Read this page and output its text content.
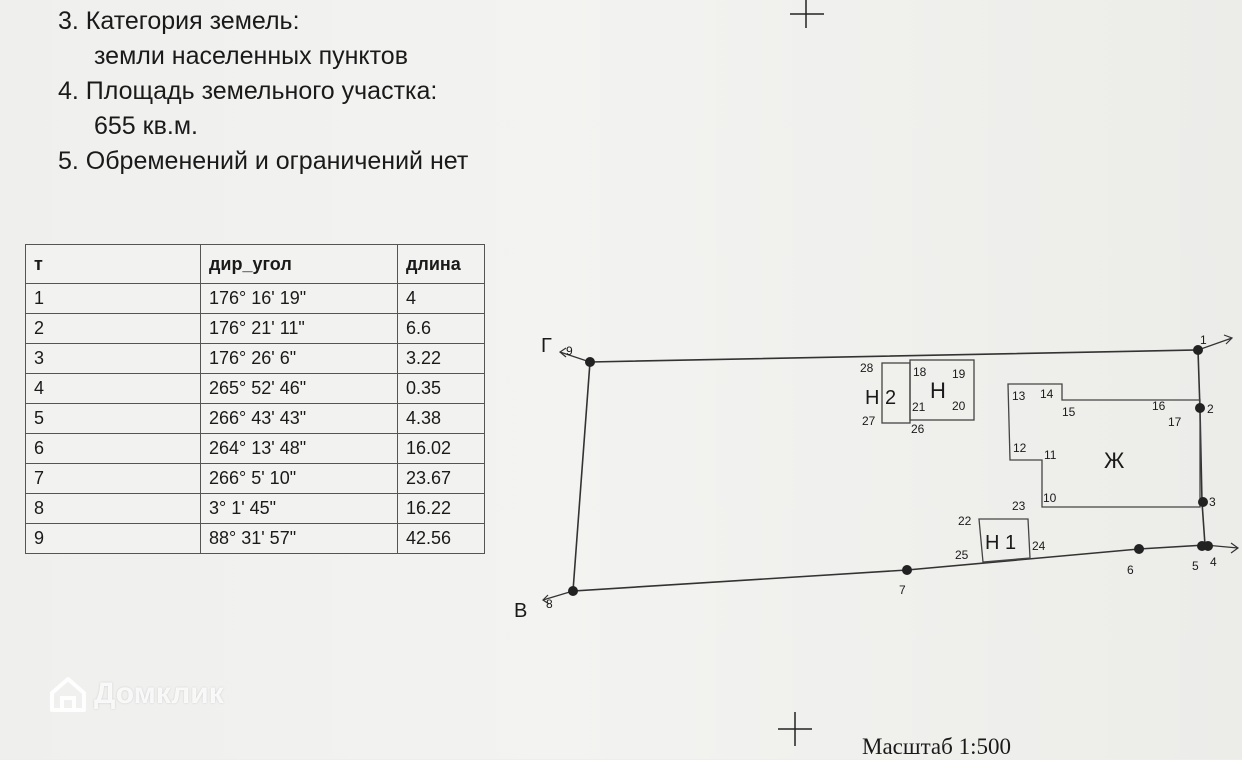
3. Категория земель:
земли населенных пунктов
4. Площадь земельного участка:
655 кв.м.
5. Обременений и ограничений нет
т	дир_угол	длина
1	176° 16' 19"	4
2	176° 21' 11"	6.6
3	176° 26' 6"	3.22
4	265° 52' 46"	0.35
5	266° 43' 43"	4.38
6	264° 13' 48"	16.02
7	266° 5' 10"	23.67
8	3° 1' 45"	16.22
9	88° 31' 57"	42.56
Н 2 Н
Ж
Н 1
Г
В
1
2
3
4
5
6
7
8
9
10
11
12
13 14
15	16
17
18 19
20
21
22
23
24
25
26
27
28
Масштаб 1:500
Домклик
